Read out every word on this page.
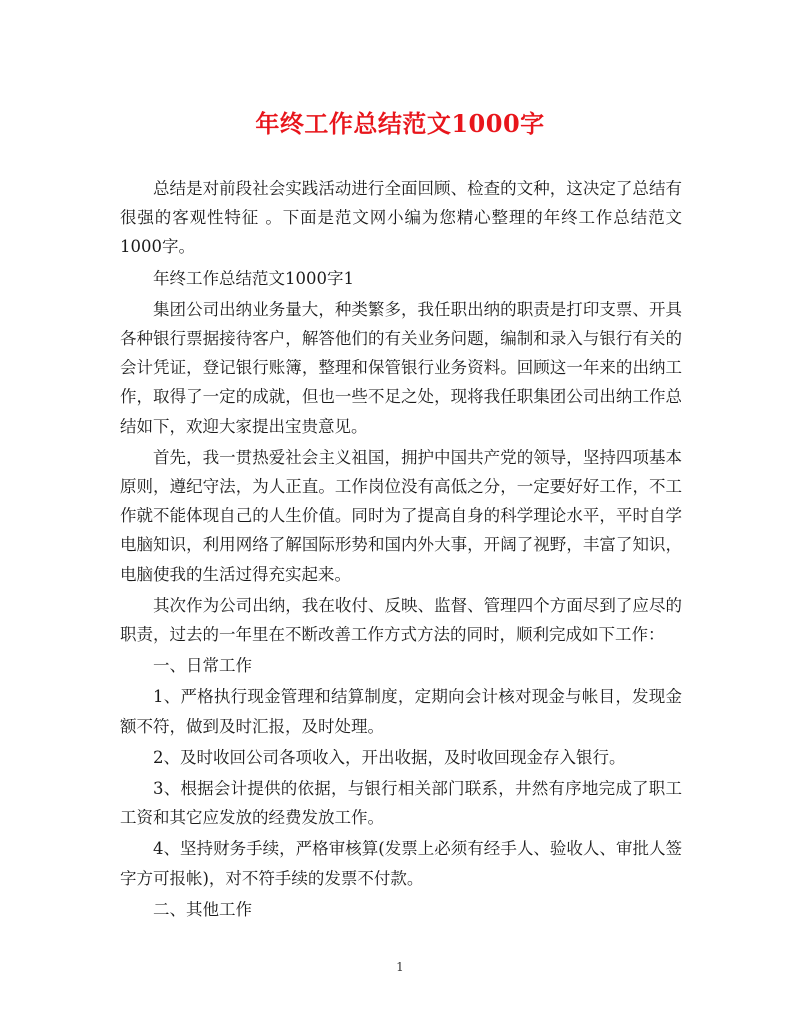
年终工作总结范文1000字

总结是对前段社会实践活动进行全面回顾、检查的文种，这决定了总结有很强的客观性特征 。下面是范文网小编为您精心整理的年终工作总结范文1000字。

年终工作总结范文1000字1

集团公司出纳业务量大，种类繁多，我任职出纳的职责是打印支票、开具各种银行票据接待客户，解答他们的有关业务问题，编制和录入与银行有关的会计凭证，登记银行账簿，整理和保管银行业务资料。回顾这一年来的出纳工作，取得了一定的成就，但也一些不足之处，现将我任职集团公司出纳工作总结如下，欢迎大家提出宝贵意见。

首先，我一贯热爱社会主义祖国，拥护中国共产党的领导，坚持四项基本原则，遵纪守法，为人正直。工作岗位没有高低之分，一定要好好工作，不工作就不能体现自己的人生价值。同时为了提高自身的科学理论水平，平时自学电脑知识，利用网络了解国际形势和国内外大事，开阔了视野，丰富了知识，电脑使我的生活过得充实起来。

其次作为公司出纳，我在收付、反映、监督、管理四个方面尽到了应尽的职责，过去的一年里在不断改善工作方式方法的同时，顺利完成如下工作：

一、日常工作

1、严格执行现金管理和结算制度，定期向会计核对现金与帐目，发现金额不符，做到及时汇报，及时处理。

2、及时收回公司各项收入，开出收据，及时收回现金存入银行。

3、根据会计提供的依据，与银行相关部门联系，井然有序地完成了职工工资和其它应发放的经费发放工作。

4、坚持财务手续，严格审核算(发票上必须有经手人、验收人、审批人签字方可报帐)，对不符手续的发票不付款。

二、其他工作

1
